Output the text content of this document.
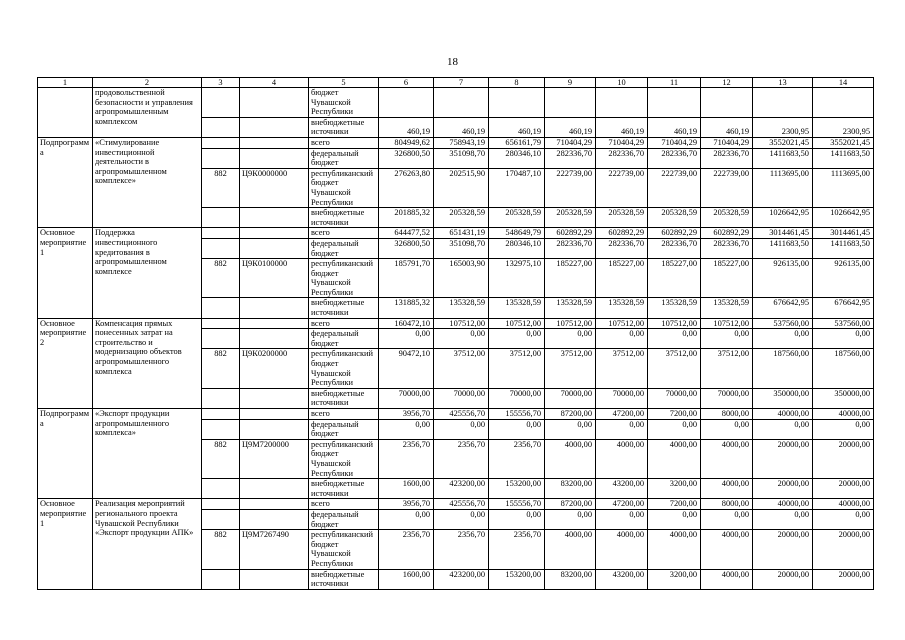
18
1	2	3	4	5	6	7	8	9	10	11	12	13	14
	продовольственной безопасности и управления агропромышленным комплексом			бюджет Чувашской Республики									
				внебюджетные источники	460,19	460,19	460,19	460,19	460,19	460,19	460,19	2300,95	2300,95
Подпрограмма	«Стимулирование инвестиционной деятельности в агропромышленном комплексе»			всего	804949,62	758943,19	656161,79	710404,29	710404,29	710404,29	710404,29	3552021,45	3552021,45
				федеральный бюджет	326800,50	351098,70	280346,10	282336,70	282336,70	282336,70	282336,70	1411683,50	1411683,50
		882	Ц9К0000000	республиканский бюджет Чувашской Республики	276263,80	202515,90	170487,10	222739,00	222739,00	222739,00	222739,00	1113695,00	1113695,00
				внебюджетные источники	201885,32	205328,59	205328,59	205328,59	205328,59	205328,59	205328,59	1026642,95	1026642,95
Основное мероприятие 1	Поддержка инвестиционного кредитования в агропромышленном комплексе			всего	644477,52	651431,19	548649,79	602892,29	602892,29	602892,29	602892,29	3014461,45	3014461,45
				федеральный бюджет	326800,50	351098,70	280346,10	282336,70	282336,70	282336,70	282336,70	1411683,50	1411683,50
		882	Ц9К0100000	республиканский бюджет Чувашской Республики	185791,70	165003,90	132975,10	185227,00	185227,00	185227,00	185227,00	926135,00	926135,00
				внебюджетные источники	131885,32	135328,59	135328,59	135328,59	135328,59	135328,59	135328,59	676642,95	676642,95
Основное мероприятие 2	Компенсация прямых понесенных затрат на строительство и модернизацию объектов агропромышленного комплекса			всего	160472,10	107512,00	107512,00	107512,00	107512,00	107512,00	107512,00	537560,00	537560,00
				федеральный бюджет	0,00	0,00	0,00	0,00	0,00	0,00	0,00	0,00	0,00
		882	Ц9К0200000	республиканский бюджет Чувашской Республики	90472,10	37512,00	37512,00	37512,00	37512,00	37512,00	37512,00	187560,00	187560,00
				внебюджетные источники	70000,00	70000,00	70000,00	70000,00	70000,00	70000,00	70000,00	350000,00	350000,00
Подпрограмма	«Экспорт продукции агропромышленного комплекса»			всего	3956,70	425556,70	155556,70	87200,00	47200,00	7200,00	8000,00	40000,00	40000,00
				федеральный бюджет	0,00	0,00	0,00	0,00	0,00	0,00	0,00	0,00	0,00
		882	Ц9М7200000	республиканский бюджет Чувашской Республики	2356,70	2356,70	2356,70	4000,00	4000,00	4000,00	4000,00	20000,00	20000,00
				внебюджетные источники	1600,00	423200,00	153200,00	83200,00	43200,00	3200,00	4000,00	20000,00	20000,00
Основное мероприятие 1	Реализация мероприятий регионального проекта Чувашской Республики «Экспорт продукции АПК»			всего	3956,70	425556,70	155556,70	87200,00	47200,00	7200,00	8000,00	40000,00	40000,00
				федеральный бюджет	0,00	0,00	0,00	0,00	0,00	0,00	0,00	0,00	0,00
		882	Ц9М7267490	республиканский бюджет Чувашской Республики	2356,70	2356,70	2356,70	4000,00	4000,00	4000,00	4000,00	20000,00	20000,00
				внебюджетные источники	1600,00	423200,00	153200,00	83200,00	43200,00	3200,00	4000,00	20000,00	20000,00
